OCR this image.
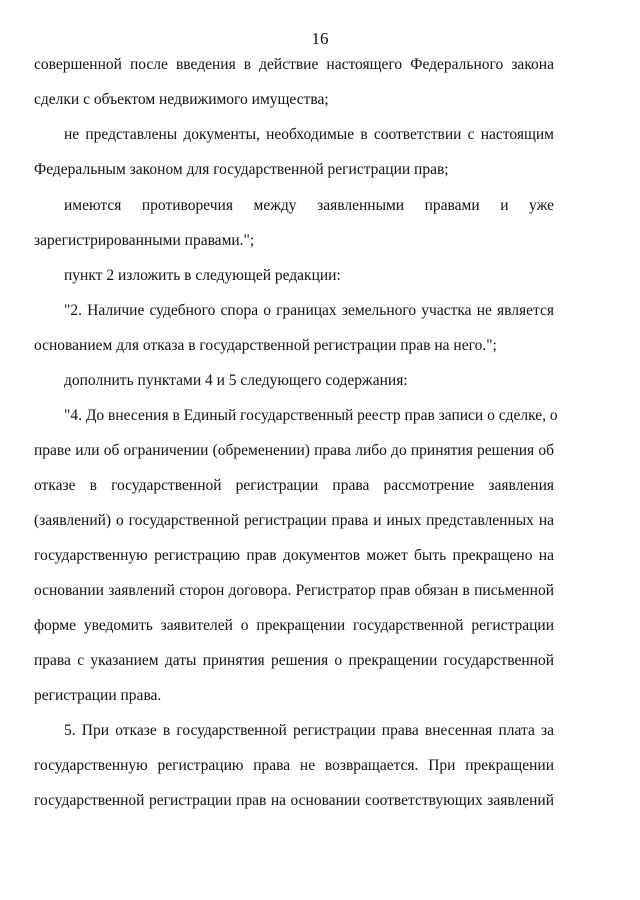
16
совершенной после введения в действие настоящего Федерального закона
сделки с объектом недвижимого имущества;
не представлены документы, необходимые в соответствии с настоящим
Федеральным законом для государственной регистрации прав;
имеются противоречия между заявленными правами и уже
зарегистрированными правами.";
пункт 2 изложить в следующей редакции:
"2. Наличие судебного спора о границах земельного участка не является
основанием для отказа в государственной регистрации прав на него.";
дополнить пунктами 4 и 5 следующего содержания:
"4. До внесения в Единый государственный реестр прав записи о сделке, о
праве или об ограничении (обременении) права либо до принятия решения об
отказе в государственной регистрации права рассмотрение заявления
(заявлений) о государственной регистрации права и иных представленных на
государственную регистрацию прав документов может быть прекращено на
основании заявлений сторон договора. Регистратор прав обязан в письменной
форме уведомить заявителей о прекращении государственной регистрации
права с указанием даты принятия решения о прекращении государственной
регистрации права.
5. При отказе в государственной регистрации права внесенная плата за
государственную регистрацию права не возвращается. При прекращении
государственной регистрации прав на основании соответствующих заявлений
